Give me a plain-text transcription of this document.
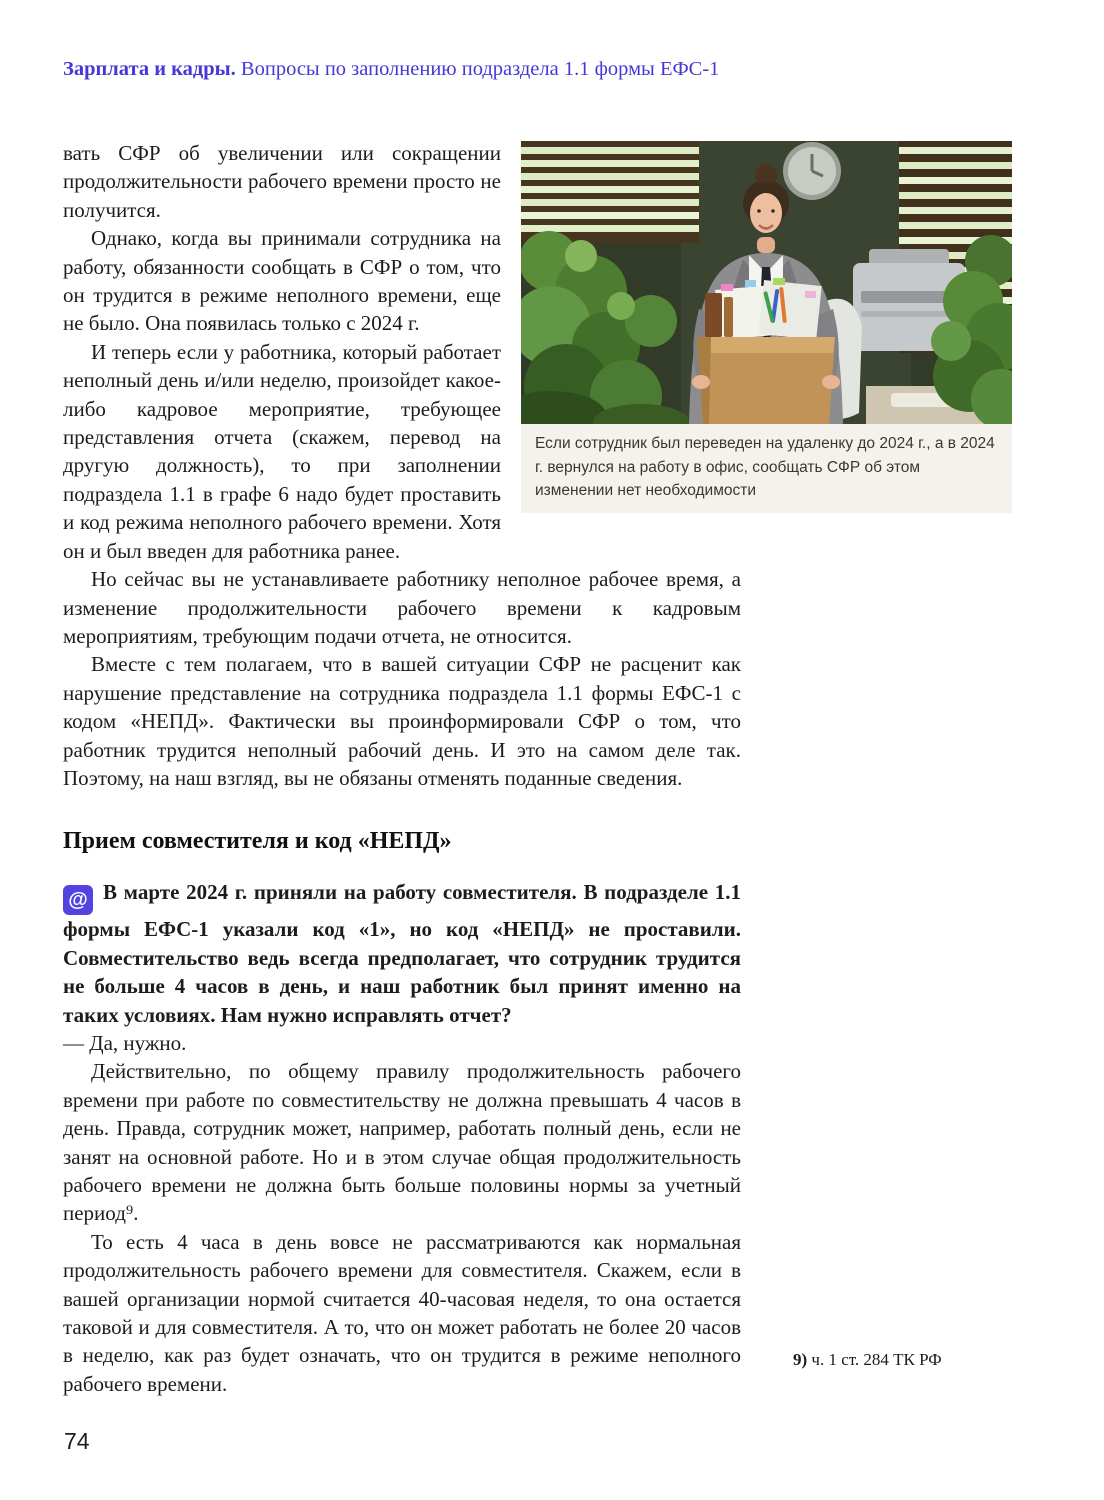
Зарплата и кадры. Вопросы по заполнению подраздела 1.1 формы ЕФС-1
Если сотрудник был переведен на удаленку до 2024 г., а в 2024 г. вернулся на работу в офис, сообщать СФР об этом изменении нет необходимости

вать СФР об увеличении или сокращении продолжительности рабочего времени просто не получится.

Однако, когда вы принимали сотрудника на работу, обязанности сообщать в СФР о том, что он трудится в режиме неполного времени, еще не было. Она появилась только с 2024 г.

И теперь если у работника, который работает неполный день и/или неделю, произойдет какое-либо кадровое мероприятие, требующее представления отчета (скажем, перевод на другую должность), то при заполнении подраздела 1.1 в графе 6 надо будет проставить и код режима неполного рабочего времени. Хотя он и был введен для работника ранее.

Но сейчас вы не устанавливаете работнику неполное рабочее время, а изменение продолжительности рабочего времени к кадровым мероприятиям, требующим подачи отчета, не относится.

Вместе с тем полагаем, что в вашей ситуации СФР не расценит как нарушение представление на сотрудника подраздела 1.1 формы ЕФС-1 с кодом «НЕПД». Фактически вы проинформировали СФР о том, что работник трудится неполный рабочий день. И это на самом деле так. Поэтому, на наш взгляд, вы не обязаны отменять поданные сведения.

Прием совместителя и код «НЕПД»

@ В марте 2024 г. приняли на работу совместителя. В подразделе 1.1 формы ЕФС-1 указали код «1», но код «НЕПД» не проставили. Совместительство ведь всегда предполагает, что сотрудник трудится не больше 4 часов в день, и наш работник был принят именно на таких условиях. Нам нужно исправлять отчет?

— Да, нужно.

Действительно, по общему правилу продолжительность рабочего времени при работе по совместительству не должна превышать 4 часов в день. Правда, сотрудник может, например, работать полный день, если не занят на основной работе. Но и в этом случае общая продолжительность рабочего времени не должна быть больше половины нормы за учетный период⁹.

То есть 4 часа в день вовсе не рассматриваются как нормальная продолжительность рабочего времени для совместителя. Скажем, если в вашей организации нормой считается 40-часовая неделя, то она остается таковой и для совместителя. А то, что он может работать не более 20 часов в неделю, как раз будет означать, что он трудится в режиме неполного рабочего времени.

9) ч. 1 ст. 284 ТК РФ
74
